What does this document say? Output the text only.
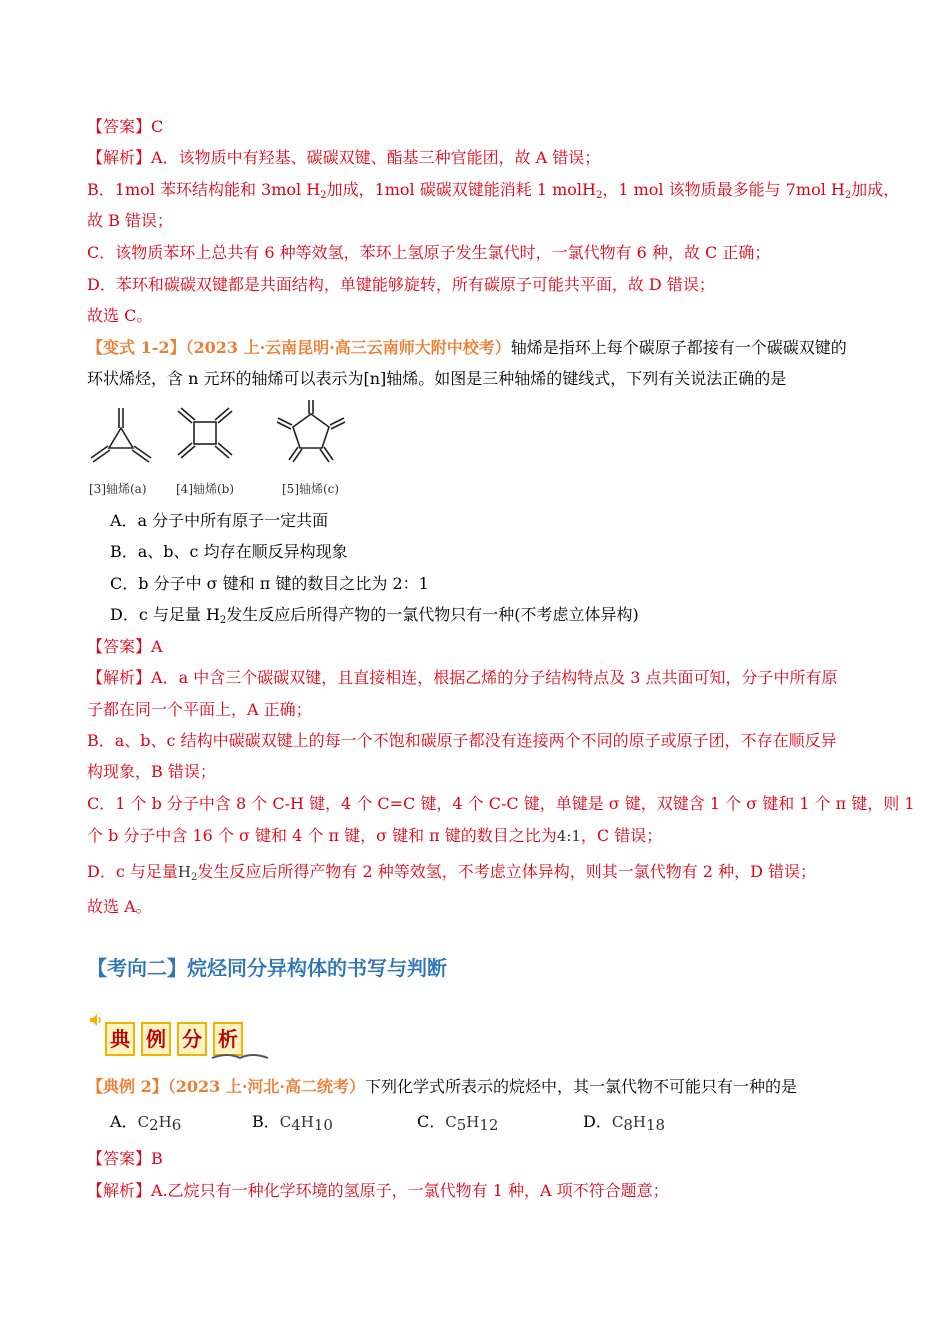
【答案】C
【解析】A．该物质中有羟基、碳碳双键、酯基三种官能团，故 A 错误；
B．1mol 苯环结构能和 3mol $H_2$加成，1mol 碳碳双键能消耗 1 molH$_2$，1 mol 该物质最多能与 7mol $H_2$加成，
故 B 错误；
C．该物质苯环上总共有 6 种等效氢，苯环上氢原子发生氯代时，一氯代物有 6 种，故 C 正确；
D．苯环和碳碳双键都是共面结构，单键能够旋转，所有碳原子可能共平面，故 D 错误；
故选 C。
【变式 1-2】（2023 上·云南昆明·高三云南师大附中校考）轴烯是指环上每个碳原子都接有一个碳碳双键的
环状烯烃，含 n 元环的轴烯可以表示为[n]轴烯。如图是三种轴烯的键线式，下列有关说法正确的是
[3]轴烯(a) [4]轴烯(b)	[5]轴烯(c)
A．a 分子中所有原子一定共面
B．a、b、c 均存在顺反异构现象
C．b 分子中 σ 键和 π 键的数目之比为 2：1
D．c 与足量 $H_2$发生反应后所得产物的一氯代物只有一种(不考虑立体异构)
【答案】A
【解析】A．a 中含三个碳碳双键，且直接相连，根据乙烯的分子结构特点及 3 点共面可知，分子中所有原
子都在同一个平面上，A 正确；
B．a、b、c 结构中碳碳双键上的每一个不饱和碳原子都没有连接两个不同的原子或原子团，不存在顺反异
构现象，B 错误；
C．1 个 b 分子中含 8 个 C-H 键，4 个 C=C 键，4 个 C-C 键，单键是 σ 键，双键含 1 个 σ 键和 1 个 π 键，则 1
个 b 分子中含 16 个 σ 键和 4 个 π 键，σ 键和 π 键的数目之比为4:1，C 错误；
D．c 与足量$H_2$发生反应后所得产物有 2 种等效氢，不考虑立体异构，则其一氯代物有 2 种，D 错误；
故选 A。
【考向二】烷烃同分异构体的书写与判断
典 例 分 析
【典例 2】（2023 上·河北·高二统考）下列化学式所表示的烷烃中，其一氯代物不可能只有一种的是
A．$C_2H_6$	B．$C_4H_{10}$	C．$C_5H_{12}$	D．$C_8H_{18}$
【答案】B
【解析】A.乙烷只有一种化学环境的氢原子，一氯代物有 1 种，A 项不符合题意；
